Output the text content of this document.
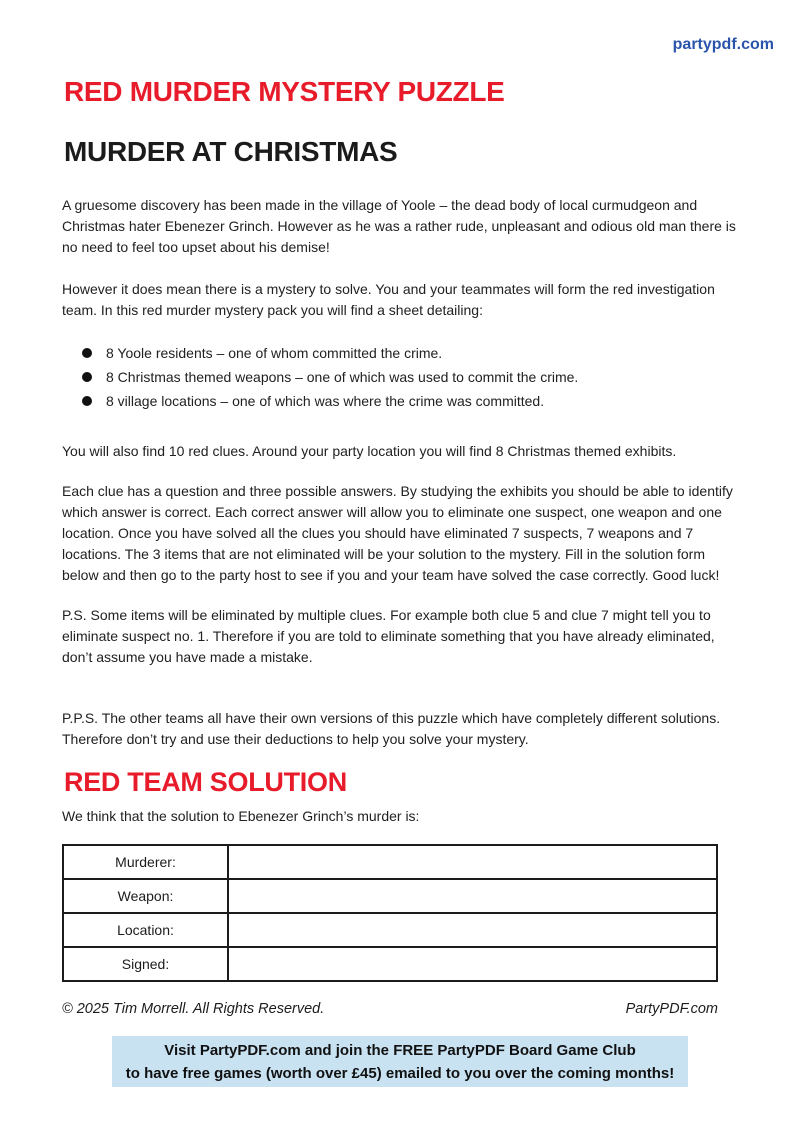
partypdf.com
RED MURDER MYSTERY PUZZLE
MURDER AT CHRISTMAS

A gruesome discovery has been made in the village of Yoole – the dead body of local curmudgeon and Christmas hater Ebenezer Grinch. However as he was a rather rude, unpleasant and odious old man there is no need to feel too upset about his demise!

However it does mean there is a mystery to solve. You and your teammates will form the red investigation team. In this red murder mystery pack you will find a sheet detailing:

8 Yoole residents – one of whom committed the crime.
8 Christmas themed weapons – one of which was used to commit the crime.
8 village locations – one of which was where the crime was committed.

You will also find 10 red clues. Around your party location you will find 8 Christmas themed exhibits.

Each clue has a question and three possible answers. By studying the exhibits you should be able to identify which answer is correct. Each correct answer will allow you to eliminate one suspect, one weapon and one location. Once you have solved all the clues you should have eliminated 7 suspects, 7 weapons and 7 locations. The 3 items that are not eliminated will be your solution to the mystery. Fill in the solution form below and then go to the party host to see if you and your team have solved the case correctly. Good luck!

P.S. Some items will be eliminated by multiple clues. For example both clue 5 and clue 7 might tell you to eliminate suspect no. 1. Therefore if you are told to eliminate something that you have already eliminated, don’t assume you have made a mistake.

P.P.S. The other teams all have their own versions of this puzzle which have completely different solutions. Therefore don’t try and use their deductions to help you solve your mystery.

RED TEAM SOLUTION

We think that the solution to Ebenezer Grinch’s murder is:

Murderer:	
Weapon:	
Location:	
Signed:	
© 2025 Tim Morrell. All Rights Reserved.	PartyPDF.com
Visit PartyPDF.com and join the FREE PartyPDF Board Game Club
to have free games (worth over £45) emailed to you over the coming months!
